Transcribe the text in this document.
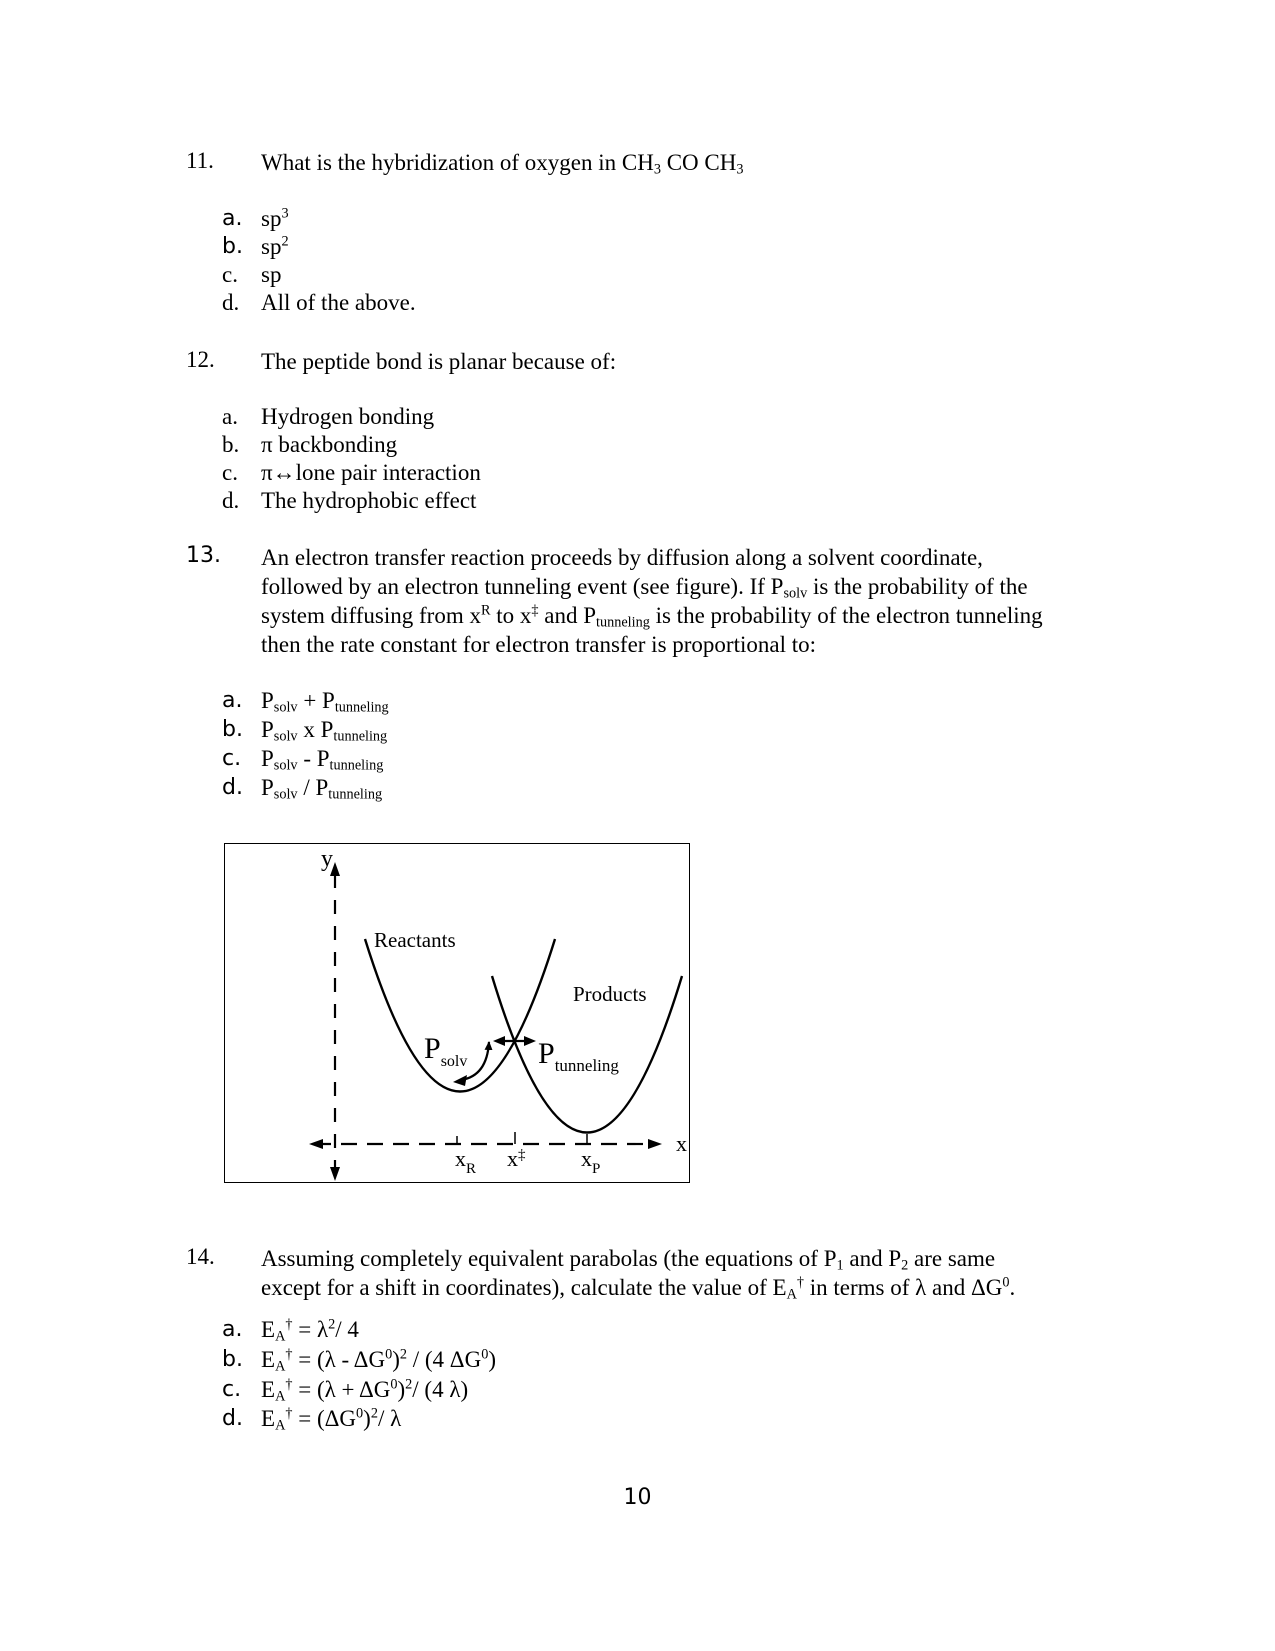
11. What is the hybridization of oxygen in $CH_3$ CO $CH_3$
a. $sp^3$
b. $sp^2$
c. sp
d. All of the above.
12. The peptide bond is planar because of:
a. Hydrogen bonding
b. π backbonding
c. π↔lone pair interaction
d. The hydrophobic effect
13. An electron transfer reaction proceeds by diffusion along a solvent coordinate,
followed by an electron tunneling event (see figure). If $P_{solv}$ is the probability of the
system diffusing from $x^R$ to x‡ and $P_{tunneling}$ is the probability of the electron tunneling
then the rate constant for electron transfer is proportional to:
a. $P_{solv} + P_{tunneling}$
b. $P_{solv}$ x $P_{tunneling}$
c. $P_{solv} - P_{tunneling}$
d. $P_{solv} / P_{tunneling}$
y
x
Reactants
Products
$P_{solv}$ $P_{tunneling}$
$x_R$ x‡	$x_P$
14. Assuming completely equivalent parabolas (the equations of $P_1$ and $P_2$ are same
except for a shift in coordinates), calculate the value of $E_A^\dagger$ in terms of λ and $\Delta G^0$.
a. $E_A^\dagger = \lambda^2/$ 4
b. $E_A^\dagger = (\lambda - \Delta G^0)^2 / (4$ $\Delta G^0$)
c. $E_A^\dagger = (\lambda + \Delta G^0)^2/$ (4 λ)
d. $E_A^\dagger = (\Delta G^0)^2/$ λ
10
